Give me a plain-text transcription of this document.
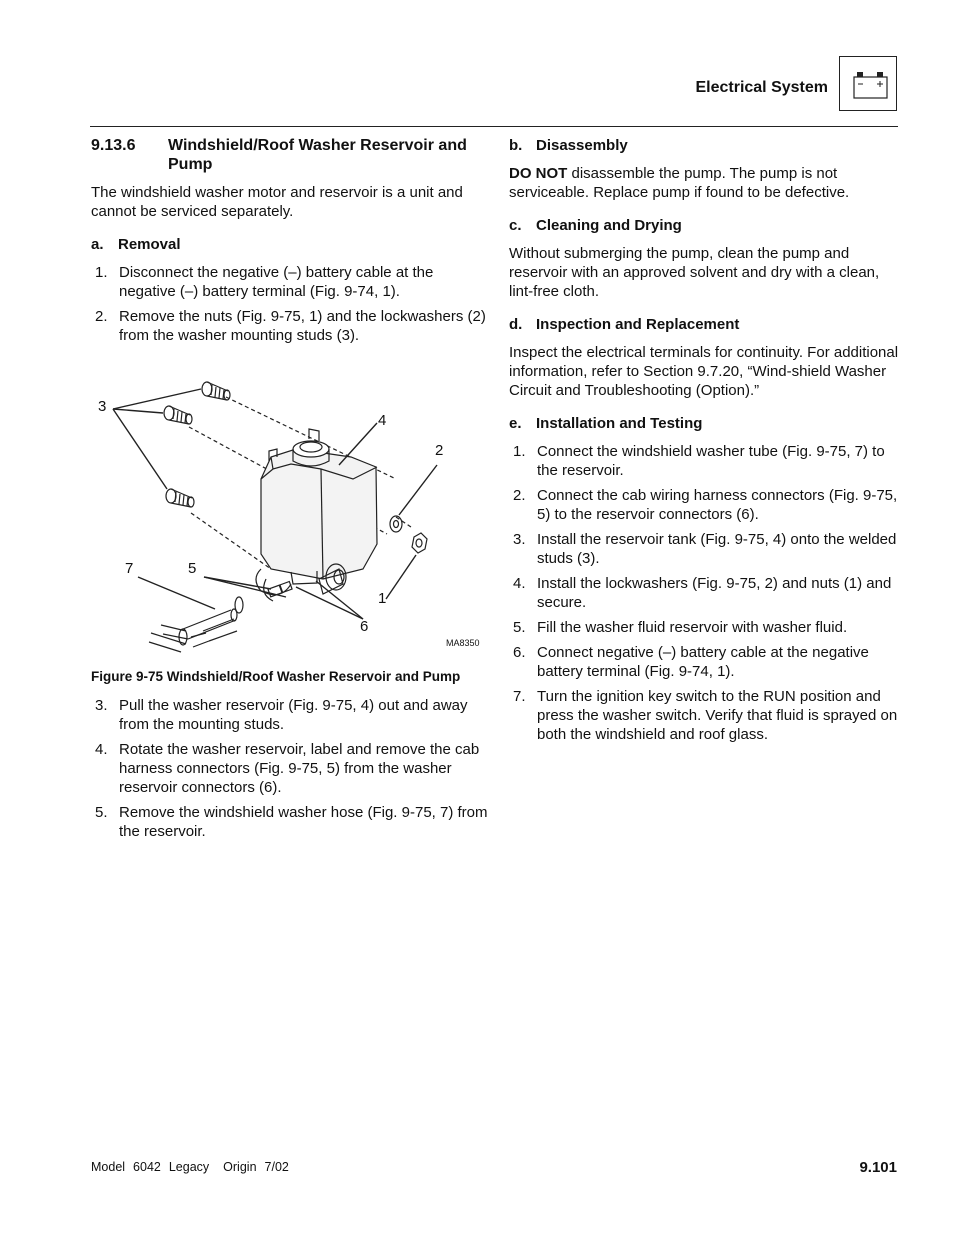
Electrical System
9.13.6	Windshield/Roof Washer Reservoir and Pump

The windshield washer motor and reservoir is a unit and cannot be serviced separately.

a. Removal
1. Disconnect the negative (–) battery cable at the negative (–) battery terminal (Fig. 9-74, 1).
2. Remove the nuts (Fig. 9-75, 1) and the lockwashers (2) from the washer mounting studs (3).
3
4
2
7	5
1
6
MA8350
Figure 9-75 Windshield/Roof Washer Reservoir and Pump
3. Pull the washer reservoir (Fig. 9-75, 4) out and away from the mounting studs.
4. Rotate the washer reservoir, label and remove the cab harness connectors (Fig. 9-75, 5) from the washer reservoir connectors (6).
5. Remove the windshield washer hose (Fig. 9-75, 7) from the reservoir.
b. Disassembly

DO NOT disassemble the pump. The pump is not serviceable. Replace pump if found to be defective.

c. Cleaning and Drying

Without submerging the pump, clean the pump and reservoir with an approved solvent and dry with a clean, lint-free cloth.

d. Inspection and Replacement

Inspect the electrical terminals for continuity. For additional information, refer to Section 9.7.20, “Wind-shield Washer Circuit and Troubleshooting (Option).”

e. Installation and Testing
1. Connect the windshield washer tube (Fig. 9-75, 7) to the reservoir.
2. Connect the cab wiring harness connectors (Fig. 9-75, 5) to the reservoir connectors (6).
3. Install the reservoir tank (Fig. 9-75, 4) onto the welded studs (3).
4. Install the lockwashers (Fig. 9-75, 2) and nuts (1) and secure.
5. Fill the washer fluid reservoir with washer fluid.
6. Connect negative (–) battery cable at the negative battery terminal (Fig. 9-74, 1).
7. Turn the ignition key switch to the RUN position and press the washer switch. Verify that fluid is sprayed on both the windshield and roof glass.
Model 6042 Legacy Origin 7/02	9.101
